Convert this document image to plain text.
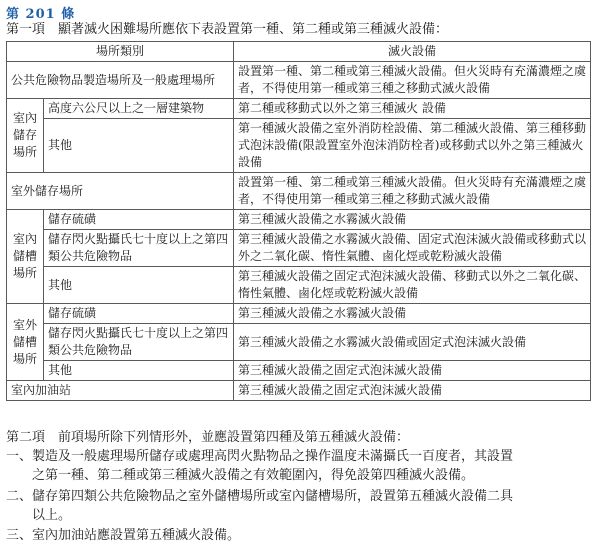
第 201 條
第一項　顯著滅火困難場所應依下表設置第一種、第二種或第三種滅火設備：
場所類別		滅火設備
公共危險物品製造場所及一般處理場所		設置第一種、第二種或第三種滅火設備。但火災時有充滿濃煙之虞者，不得使用第一種或第三種之移動式滅火設備
室內儲存場所	高度六公尺以上之一層建築物	第二種或移動式以外之第三種滅火 設備
	其他	第一種滅火設備之室外消防栓設備、第二種滅火設備、第三種移動式泡沫設備(限設置室外泡沫消防栓者)或移動式以外之第三種滅火設備
室外儲存場所		設置第一種、第二種或第三種滅火設備。但火災時有充滿濃煙之虞者，不得使用第一種或第三種之移動式滅火設備
室內儲槽場所	儲存硫磺	第三種滅火設備之水霧滅火設備
	儲存閃火點攝氏七十度以上之第四類公共危險物品	第三種滅火設備之水霧滅火設備、固定式泡沫滅火設備或移動式以外之二氧化碳、惰性氣體、鹵化烴或乾粉滅火設備
	其他	第三種滅火設備之固定式泡沫滅火設備、移動式以外之二氧化碳、惰性氣體、鹵化烴或乾粉滅火設備
室外儲槽場所	儲存硫磺	第三種滅火設備之水霧滅火設備
	儲存閃火點攝氏七十度以上之第四類公共危險物品	第三種滅火設備之水霧滅火設備或固定式泡沫滅火設備
	其他	第三種滅火設備之固定式泡沫滅火設備
室內加油站		第三種滅火設備之固定式泡沫滅火設備
第二項　前項場所除下列情形外，並應設置第四種及第五種滅火設備：
一、製造及一般處理場所儲存或處理高閃火點物品之操作溫度未滿攝氏一百度者，其設置
之第一種、第二種或第三種滅火設備之有效範圍內，得免設第四種滅火設備。
二、儲存第四類公共危險物品之室外儲槽場所或室內儲槽場所，設置第五種滅火設備二具
以上。
三、室內加油站應設置第五種滅火設備。
